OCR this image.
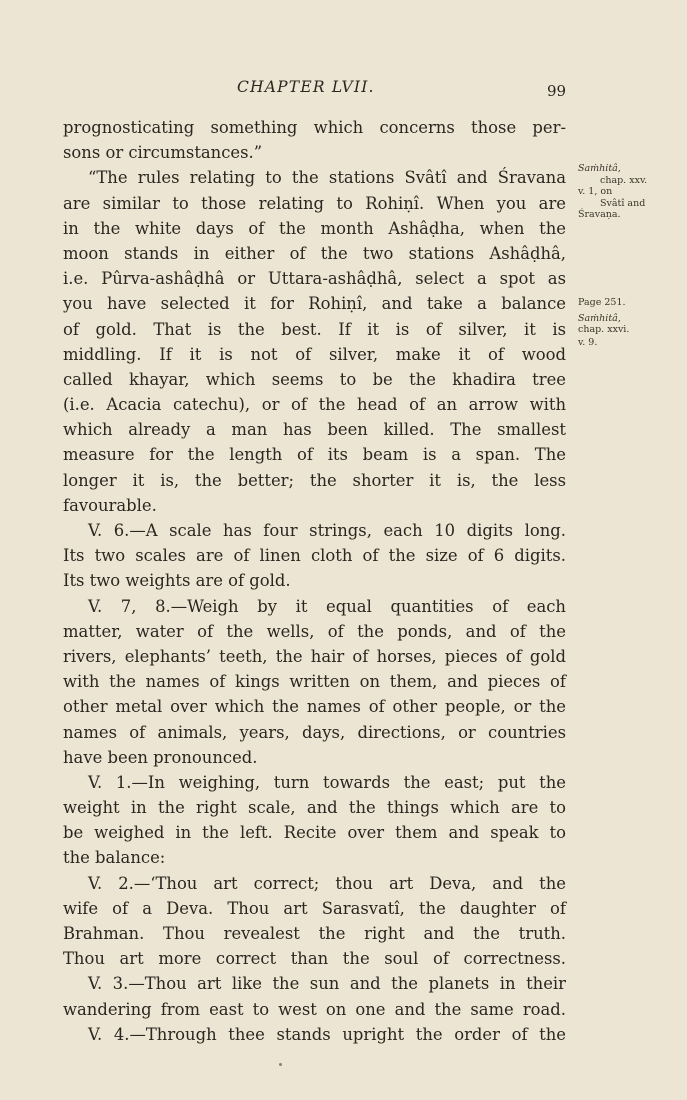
CHAPTER LVII.	99
prognosticating something which concerns those per-
sons or circumstances.”
“The rules relating to the stations Svâtî and Śravana
are similar to those relating to Rohiṇî. When you are
in the white days of the month Ashâḍha, when the
moon stands in either of the two stations Ashâḍhâ,
i.e. Pûrva-ashâḍhâ or Uttara-ashâḍhâ, select a spot as
you have selected it for Rohiṇî, and take a balance
of gold. That is the best. If it is of silver, it is
middling. If it is not of silver, make it of wood
called khayar, which seems to be the khadira tree
(i.e. Acacia catechu), or of the head of an arrow with
which already a man has been killed. The smallest
measure for the length of its beam is a span. The
longer it is, the better; the shorter it is, the less
favourable.
V. 6.—A scale has four strings, each 10 digits long.
Its two scales are of linen cloth of the size of 6 digits.
Its two weights are of gold.
V. 7, 8.—Weigh by it equal quantities of each
matter, water of the wells, of the ponds, and of the
rivers, elephants’ teeth, the hair of horses, pieces of gold
with the names of kings written on them, and pieces of
other metal over which the names of other people, or the
names of animals, years, days, directions, or countries
have been pronounced.
V. 1.—In weighing, turn towards the east; put the
weight in the right scale, and the things which are to
be weighed in the left. Recite over them and speak to
the balance:
V. 2.—‘Thou art correct; thou art Deva, and the
wife of a Deva. Thou art Sarasvatî, the daughter of
Brahman. Thou revealest the right and the truth.
Thou art more correct than the soul of correctness.
V. 3.—Thou art like the sun and the planets in their
wandering from east to west on one and the same road.
V. 4.—Through thee stands upright the order of the
Saṁhitâ,
chap. xxv.
v. 1, on
Svâtî and
Śravaṇa.
Page 251.
Saṁhitâ,
chap. xxvi.
v. 9.
